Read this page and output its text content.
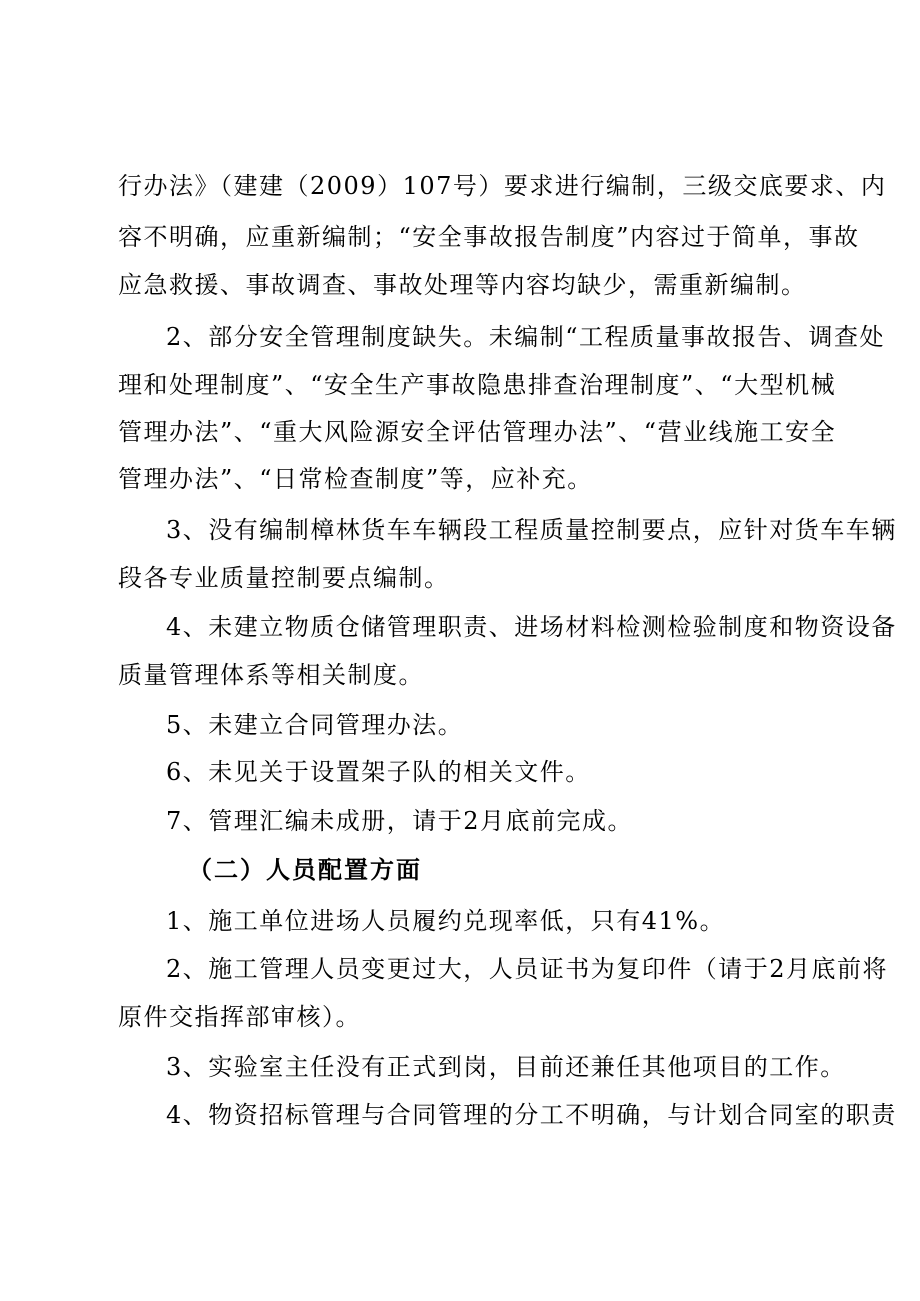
行办法》（建建（2009）107号）要求进行编制，三级交底要求、内
容不明确，应重新编制；“安全事故报告制度”内容过于简单，事故
应急救援、事故调查、事故处理等内容均缺少，需重新编制。
2、部分安全管理制度缺失。未编制“工程质量事故报告、调查处
理和处理制度”、“安全生产事故隐患排查治理制度”、“大型机械
管理办法”、“重大风险源安全评估管理办法”、“营业线施工安全
管理办法”、“日常检查制度”等，应补充。
3、没有编制樟林货车车辆段工程质量控制要点，应针对货车车辆
段各专业质量控制要点编制。
4、未建立物质仓储管理职责、进场材料检测检验制度和物资设备
质量管理体系等相关制度。
5、未建立合同管理办法。
6、未见关于设置架子队的相关文件。
7、管理汇编未成册，请于2月底前完成。
（二）人员配置方面
1、施工单位进场人员履约兑现率低，只有41%。
2、施工管理人员变更过大，人员证书为复印件（请于2月底前将
原件交指挥部审核）。
3、实验室主任没有正式到岗，目前还兼任其他项目的工作。
4、物资招标管理与合同管理的分工不明确，与计划合同室的职责
